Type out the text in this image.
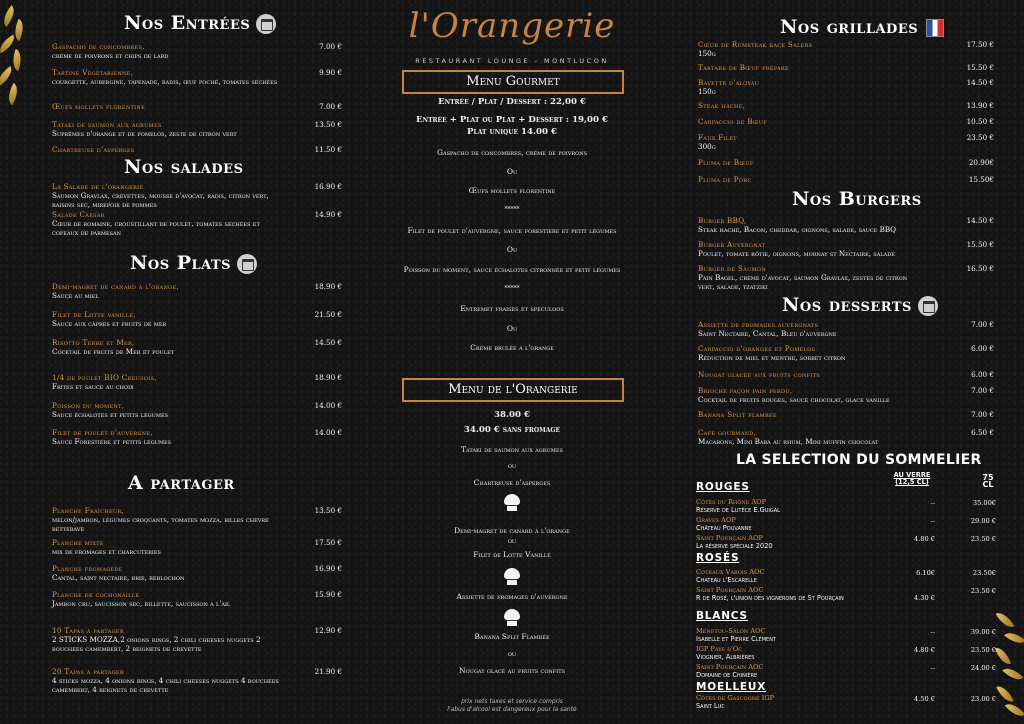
Nos Entrées
Gaspacho de concombres,
crème de poivrons et chips de lard
7.00 €
Tartine Végétarienne,
courgette, aubergine, tapenade, radis, œuf poché, tomates séchées
9.90 €
Œufs mollets florentine	7.00 €
Tataki de saumon aux agrumes
Suprêmes d'orange et de pomelos, zeste de citron vert
13.50 €
Chartreuse d'asperges	11.50 €
Nos salades
La Salade de l'orangerie
Saumon Gravlax, crevettes, mousse d'avocat, radis, citron vert, raisins sec, mirepoix de pommes
16.90 €
Salade Caesar
Cœur de romaine, croustillant de poulet, tomates séchées et copeaux de parmesan
14.90 €
Nos Plats
Demi-magret de canard à l'orange,
Sauce au miel
18.90 €
Filet de Lotte vanillé,
Sauce aux câpres et fruits de mer
21.50 €
Risotto Terre et Mer,
Cocktail de fruits de Mer et poulet
14.50 €
1/4 de poulet BIO Creusois,
Frites et sauce au choix
18.90 €
Poisson du moment,
Sauce échalotes et petits légumes
14.00 €
Filet de poulet d'auvergne,
Sauce Forestière et petits légumes
14.00 €
A partager
Planche Fraîcheur,
melon/jambon, légumes croquants, tomates mozza, billes chèvre betterave
13.50 €
Planche mixte
mix de fromages et charcuteries
17.50 €
Planche fromagère
Cantal, saint nectaire, brie, reblochon
16.90 €
Planche de cochonaille
Jambon cru, saucisson sec, rillette, saucisson à l'ail
15.90 €
10 Tapas à partager
2 STICKS MOZZA,2 onions rings, 2 chili cheeses nuggets 2 bouchées camembert, 2 beignets de crevette
12.90 €
20 Tapas à partager
4 sticks mozza, 4 onions rings, 4 chili cheeses nuggets 4 bouchées camembert, 4 beignets de crevette
21.90 €
l'Orangerie
RESTAURANT LOUNGE - MONTLUCON
Menu Gourmet
Entrée / Plat / Dessert : 22,00 €
Entrée + Plat ou Plat + Dessert : 19,00 €
Plat unique 14.00 €
Gaspacho de concombres, crème de poivrons
Ou
Œufs mollets florentine
*****
Filet de poulet d'auvergne, sauce forestière et petit légumes
Ou
Poisson du moment, sauce échalotes citronnée et petit légumes
*****
Entremet fraises et spéculoos
Ou
Crème brulée a l'orange
Menu de l'Orangerie
38.00 €
34.00 € sans fromage
Tataki de saumon aux agrumes
ou
Chartreuse d'asperges
Demi-magret de canard à l'orange
ou
Filet de Lotte Vanillé
Assiette de fromages d'auvergne
Banana Split Flambée
ou
Nougat glacé au fruits confits
prix nets taxes et service compris
l'abus d'alcool est dangereux pour la santé
Nos grillades
Cœur de Rumsteak race Salers
150g
17.50 €
Tartare de Bœuf préparé	15.50 €
Bavette d'aloyau
150g
14.50 €
Steak haché,	13.90 €
Carpaccio de Bœuf	10.50 €
Faux Filet
300g
23.50 €
Pluma de Bœuf	20.90€
Pluma de Porc	15.50€
Nos Burgers
Burger BBQ,
Steak haché, Bacon, cheddar, oignons, salade, sauce BBQ
14.50 €
Burger Auvergnat
Poulet, tomate rôtie, oignons, mornay st Nectaire, salade
15.50 €
Burger de Saumon
Pain Bagel, crème d'avocat, saumon Gravlax, zestes de citron vert, salade, tzatziki
16.50 €
Nos desserts
Assiette de fromages auvergnats
Saint Nectaire, Cantal, Bleu d'auvergne
7.00 €
Carpaccio d'oranges et Pomelos
Réduction de miel et menthe, sorbet citron
6.00 €
Nougat glacée aux fruits confits	6.00 €
Brioche façon pain perdu,
Cocktail de fruits rouges, sauce chocolat, glace vanille
7.00 €
Banana Split flambée	7.00 €
Café gourmand,
Macarons, Mini Baba au rhum, Mini muffin chocolat
6.50 €
LA SELECTION DU SOMMELIER
AU VERRE (12,5 CL)	75 CL
ROUGES
Côtes du Rhône AOP
Réserve de Lutèce E.Guigal
--	35.00€
Graves AOP
Château Pouvanne
--	29.00 €
Saint Pourçain AOP
La réserve spéciale 2020
4.80 €	23.50 €
ROSÉS
Coteaux Varois AOC
Chateau l'Escarelle
6.10€	23.50€
Saint Pourçain AOC
R de Rosé, l'union des vignerons de St Pourçain	4.30 €
23.50 €
BLANCS
Menetou-Salon AOC
Isabelle et Pierre Clément
--	39.00 €
IGP Pays d'Oc
Viognier, Albrières
4.80 €	23.50 €
Saint Pourçain AOC
Domaine de Chinière
--	24.00 €
MOELLEUX
Côtes de Gascogne IGP
Saint Luc
4.50 €	23.00 €
